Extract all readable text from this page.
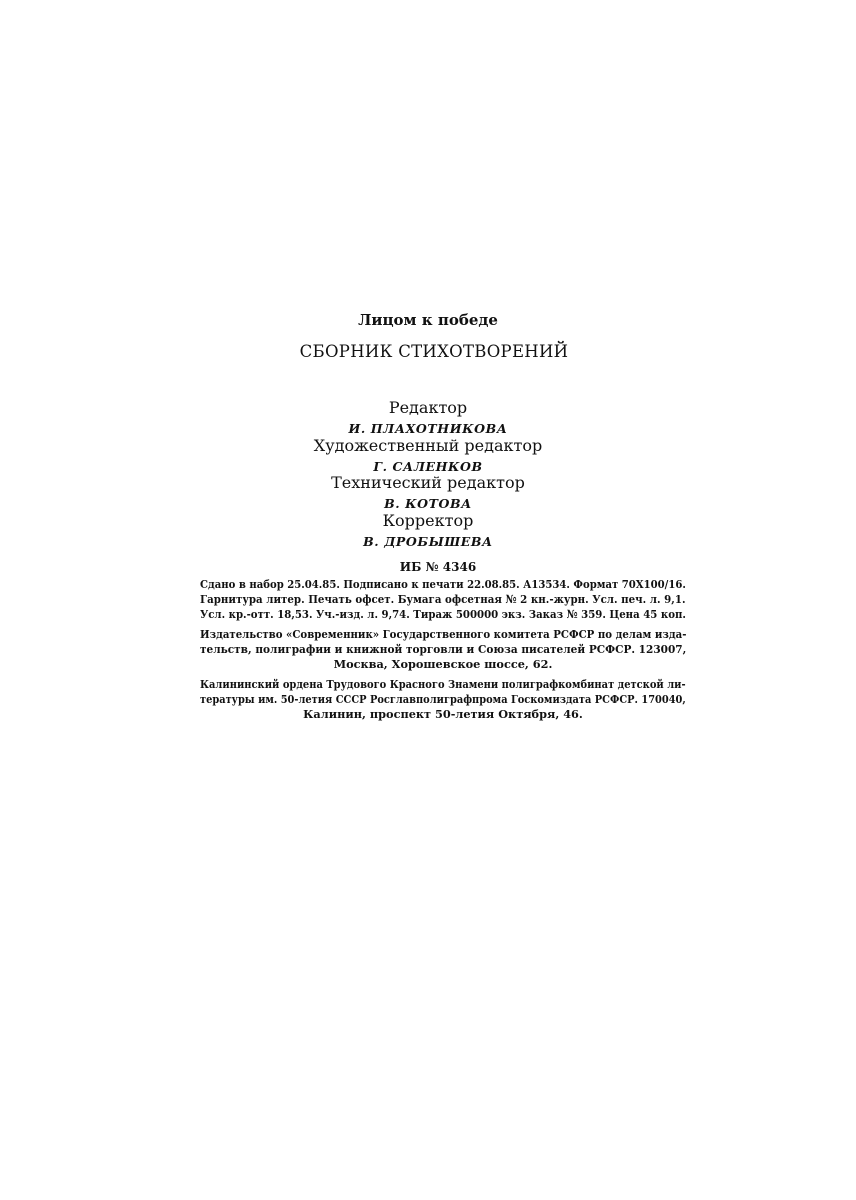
Лицом к победе
СБОРНИК СТИХОТВОРЕНИЙ
Редактор
И. ПЛАХОТНИКОВА
Художественный редактор
Г. САЛЕНКОВ
Технический редактор
В. КОТОВА
Корректор
В. ДРОБЫШЕВА
ИБ № 4346
Сдано в набор 25.04.85. Подписано к печати 22.08.85. А13534. Формат 70Х100/16.
Гарнитура литер. Печать офсет. Бумага офсетная № 2 кн.-журн. Усл. печ. л. 9,1.
Усл. кр.-отт. 18,53. Уч.-изд. л. 9,74. Тираж 500000 экз. Заказ № 359. Цена 45 коп.
Издательство «Современник» Государственного комитета РСФСР по делам изда-
тельств, полиграфии и книжной торговли и Союза писателей РСФСР. 123007,
Москва, Хорошевское шоссе, 62.
Калининский ордена Трудового Красного Знамени полиграфкомбинат детской ли-
тературы им. 50-летия СССР Росглавполиграфпрома Госкомиздата РСФСР. 170040,
Калинин, проспект 50-летия Октября, 46.
